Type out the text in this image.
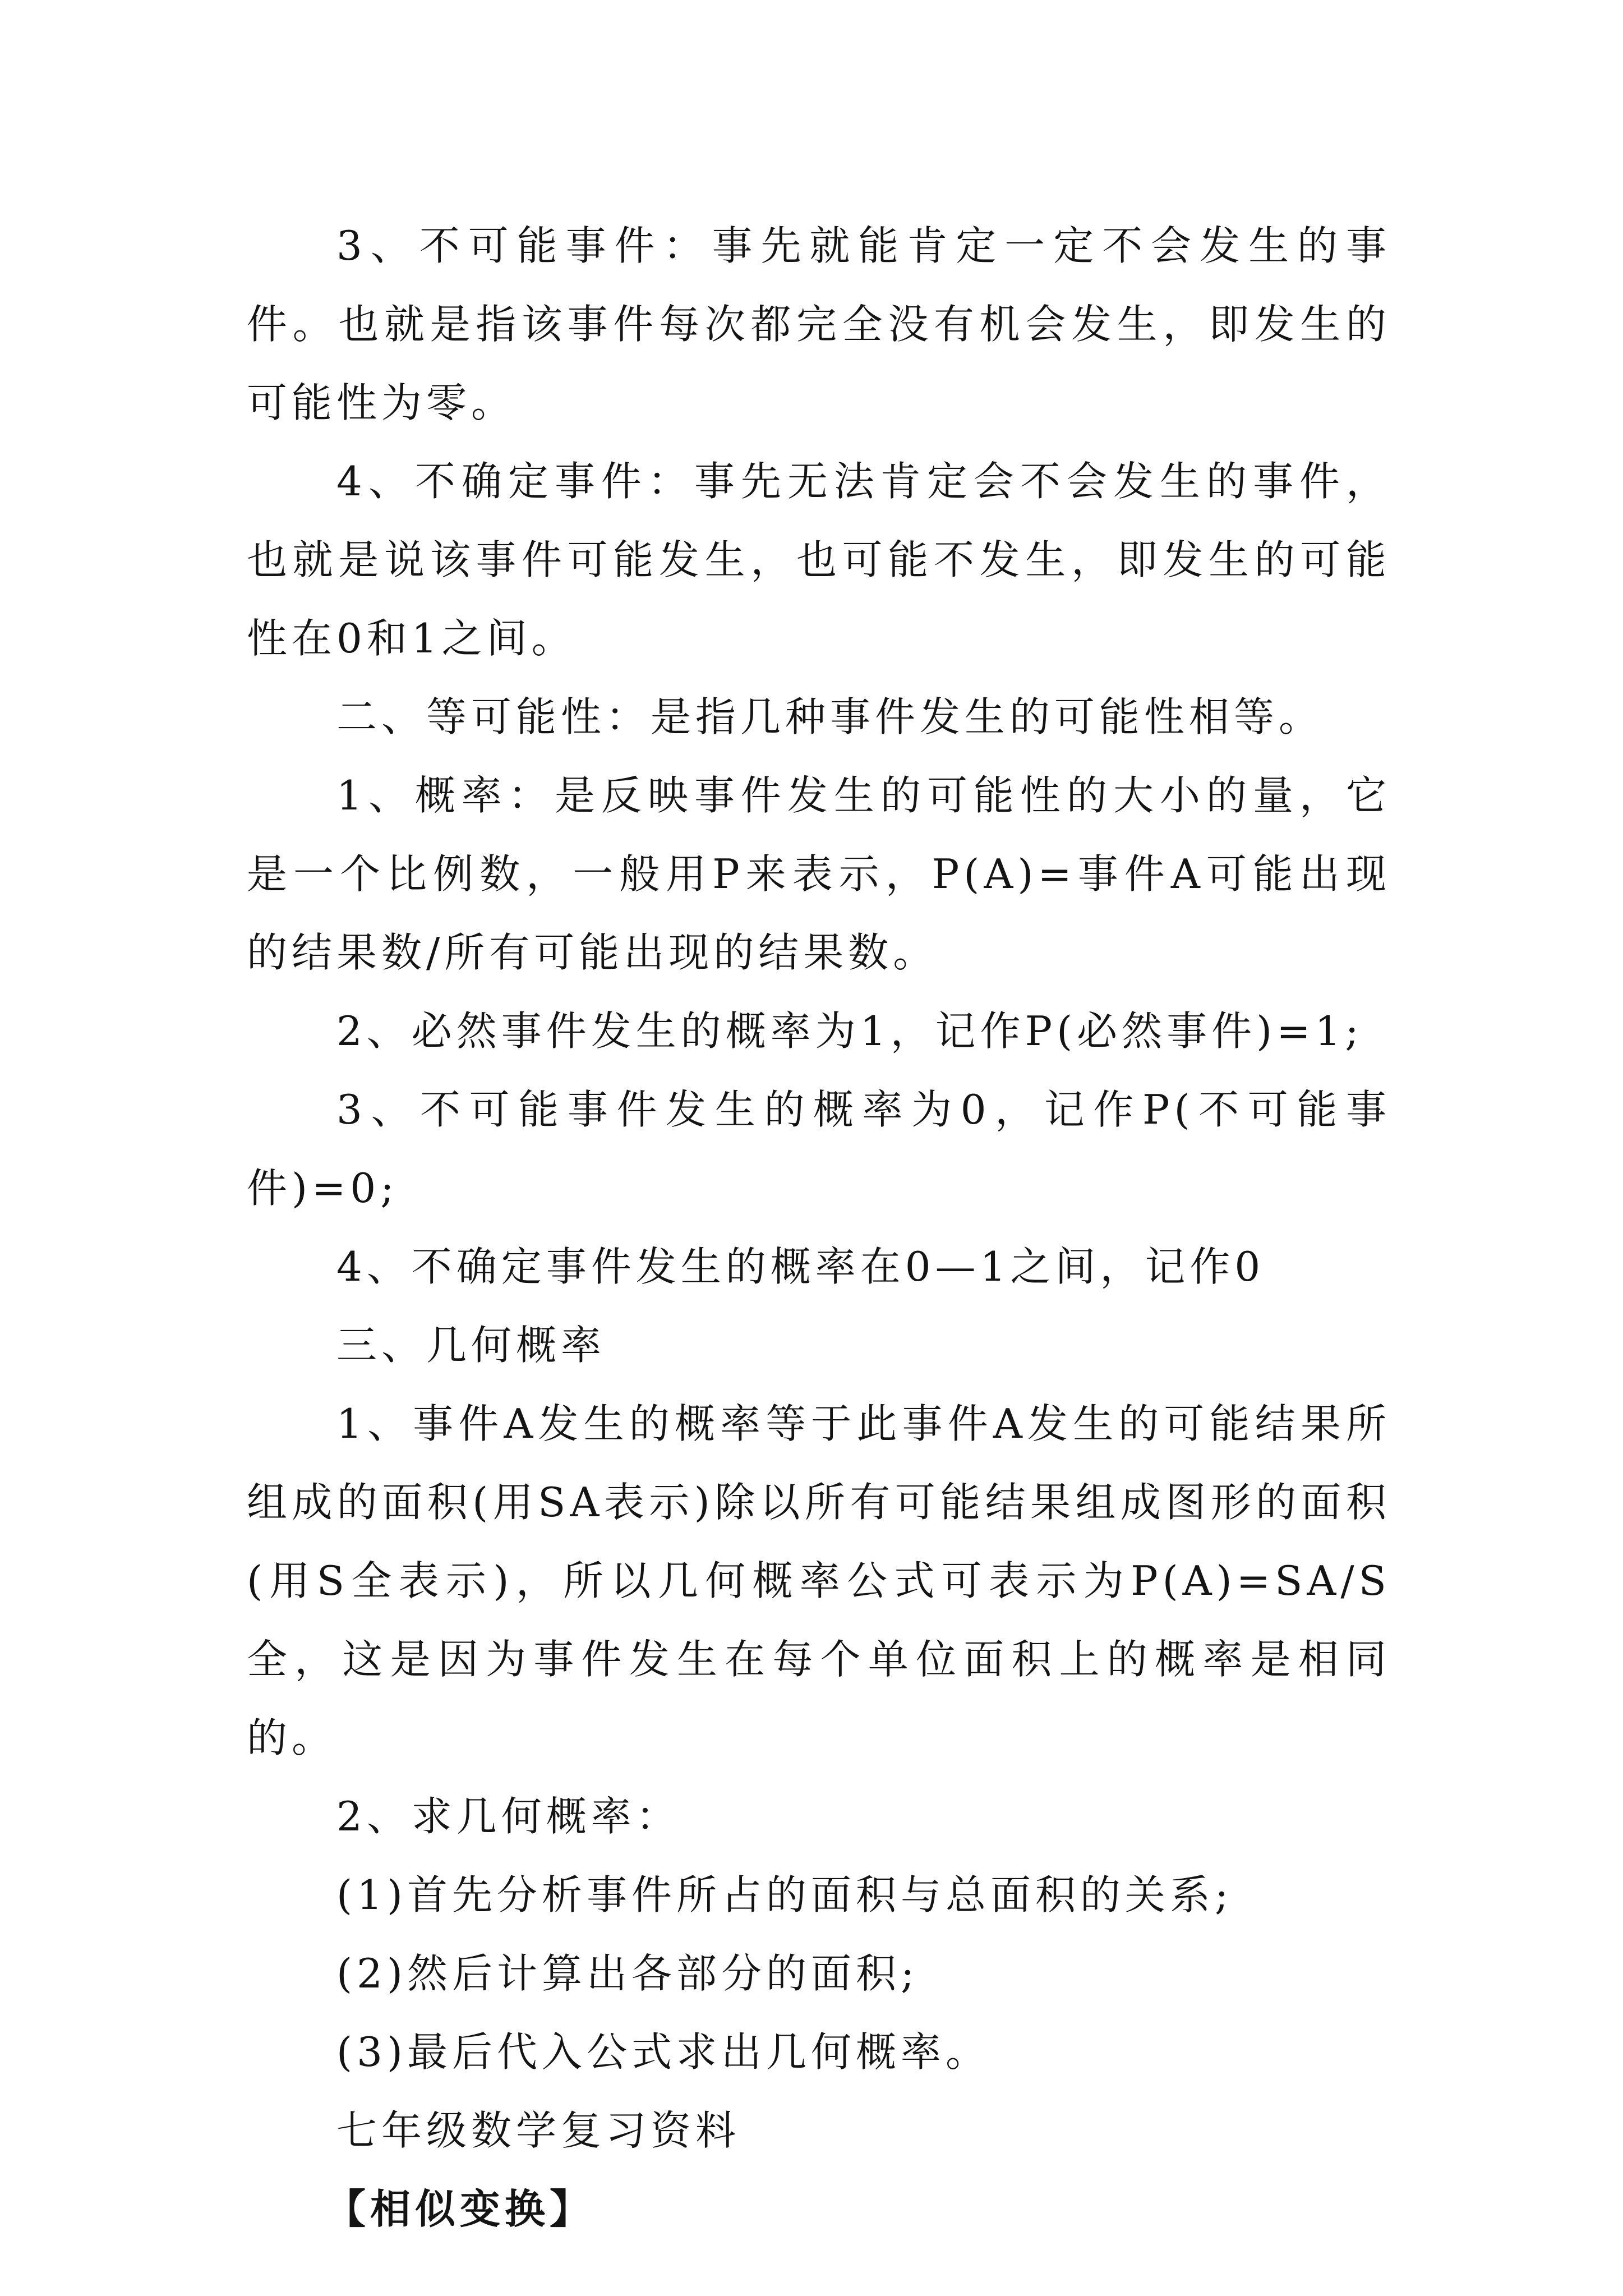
3、不可能事件：事先就能肯定一定不会发生的事件。也就是指该事件每次都完全没有机会发生，即发生的可能性为零。

4、不确定事件：事先无法肯定会不会发生的事件，也就是说该事件可能发生，也可能不发生，即发生的可能性在0和1之间。

二、等可能性：是指几种事件发生的可能性相等。

1、概率：是反映事件发生的可能性的大小的量，它是一个比例数，一般用P来表示，P(A)=事件A可能出现的结果数/所有可能出现的结果数。

2、必然事件发生的概率为1，记作P(必然事件)=1;

3、不可能事件发生的概率为0，记作P(不可能事件)=0;

4、不确定事件发生的概率在0—1之间，记作0

三、几何概率

1、事件A发生的概率等于此事件A发生的可能结果所组成的面积(用SA表示)除以所有可能结果组成图形的面积(用S全表示)，所以几何概率公式可表示为P(A)=SA/S全，这是因为事件发生在每个单位面积上的概率是相同的。

2、求几何概率：

(1)首先分析事件所占的面积与总面积的关系;

(2)然后计算出各部分的面积;

(3)最后代入公式求出几何概率。

七年级数学复习资料

【相似变换】
